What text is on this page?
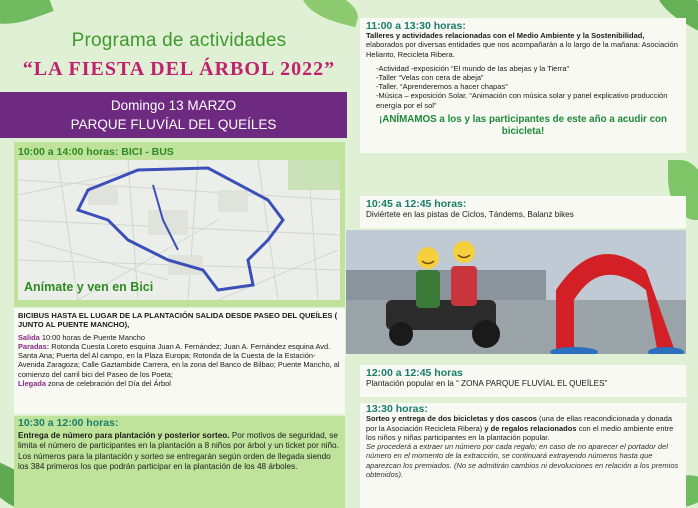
Programa de actividades
“LA FIESTA DEL ÁRBOL 2022”
Domingo 13 MARZO
PARQUE FLUVÍAL DEL QUEÍLES
10:00 a 14:00 horas: BICI - BUS
Anímate y ven en Bici
BICIBUS HASTA EL LUGAR DE LA PLANTACIÓN SALIDA DESDE PASEO DEL QUEÍLES ( JUNTO AL PUENTE MANCHO),
Salida 10:00 horas de Puente Mancho
Paradas: Rotonda Cuesta Loreto esquina Juan A. Fernández; Juan A. Fernández esquina Avd. Santa Ana; Puerta del Al campo, en la Plaza Europa; Rotonda de la Cuesta de la Estación- Avenida Zaragoza; Calle Gaztambide Carrera, en la zona del Banco de Bilbao; Puente Mancho, al comienzo del carril bici del Paseo de los Poeta;
Llegada zona de celebración del Día del Árbol
10:30 a 12:00 horas:
Entrega de número para plantación y posterior sorteo. Por motivos de seguridad, se limita el número de participantes en la plantación a 8 niños por árbol y un ticket por niño. Los números para la plantación y sorteo se entregarán según orden de llegada siendo los 384 primeros los que podrán participar en la plantación de los 48 árboles.
11:00 a 13:30 horas:
Talleres y actividades relacionadas con el Medio Ambiente y la Sostenibilidad, elaborados por diversas entidades que nos acompañarán a lo largo de la mañana: Asociación Helianto, Recicleta Ribera.
-Actividad -exposición “El mundo de las abejas y la Tierra”
-Taller “Velas con cera de abeja”
-Taller. “Aprenderemos a hacer chapas”
-Música – exposición Solar. “Animación con música solar y panel explicativo producción energía por el sol”
¡ANÍMAMOS a los y las participantes de este año a acudir con bicicleta!
10:45 a 12:45 horas:
Diviértete en las pistas de Ciclos, Tándems, Balanz bikes
12:00 a 12:45 horas
Plantación popular en la “ ZONA PARQUE FLUVÍAL EL QUEÍLES”
13:30 horas:
Sorteo y entrega de dos bicicletas y dos cascos (una de ellas reacondicionada y donada por la Asociación Recicleta Ribera) y de regalos relacionados con el medio ambiente entre los niños y niñas participantes en la plantación popular.
Se procederá a extraer un número por cada regalo; en caso de no aparecer el portador del número en el momento de la extracción, se continuará extrayendo números hasta que aparezcan los premiados. (No se admitirán cambios ni devoluciones en relación a los premios obtenidos).
